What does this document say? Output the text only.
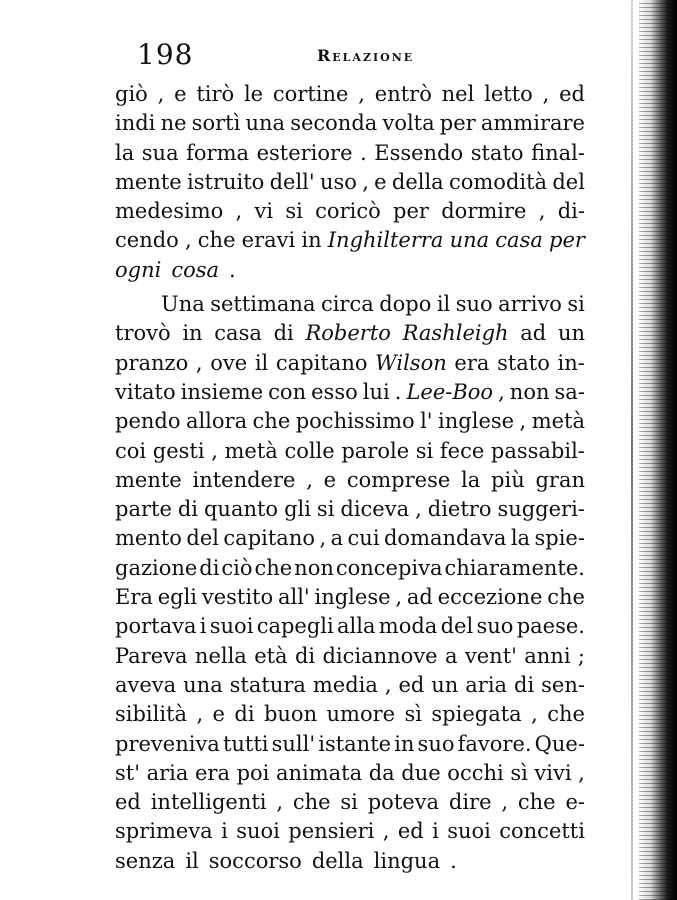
198	Relazione
giò , e tirò le cortine , entrò nel letto , ed
indi ne sortì una seconda volta per ammirare
la sua forma esteriore . Essendo stato final-
mente istruito dell' uso , e della comodità del
medesimo , vi si coricò per dormire , di-
cendo , che eravi in Inghilterra una casa per
ogni cosa .
Una settimana circa dopo il suo arrivo si
trovò in casa di Roberto Rashleigh ad un
pranzo , ove il capitano Wilson era stato in-
vitato insieme con esso lui . Lee-Boo , non sa-
pendo allora che pochissimo l' inglese , metà
coi gesti , metà colle parole si fece passabil-
mente intendere , e comprese la più gran
parte di quanto gli si diceva , dietro suggeri-
mento del capitano , a cui domandava la spie-
gazione di ciò che non concepiva chiaramente.
Era egli vestito all' inglese , ad eccezione che
portava i suoi capegli alla moda del suo paese.
Pareva nella età di diciannove a vent' anni ;
aveva una statura media , ed un aria di sen-
sibilità , e di buon umore sì spiegata , che
preveniva tutti sull' istante in suo favore. Que-
st' aria era poi animata da due occhi sì vivi ,
ed intelligenti , che si poteva dire , che e-
sprimeva i suoi pensieri , ed i suoi concetti
senza il soccorso della lingua .
